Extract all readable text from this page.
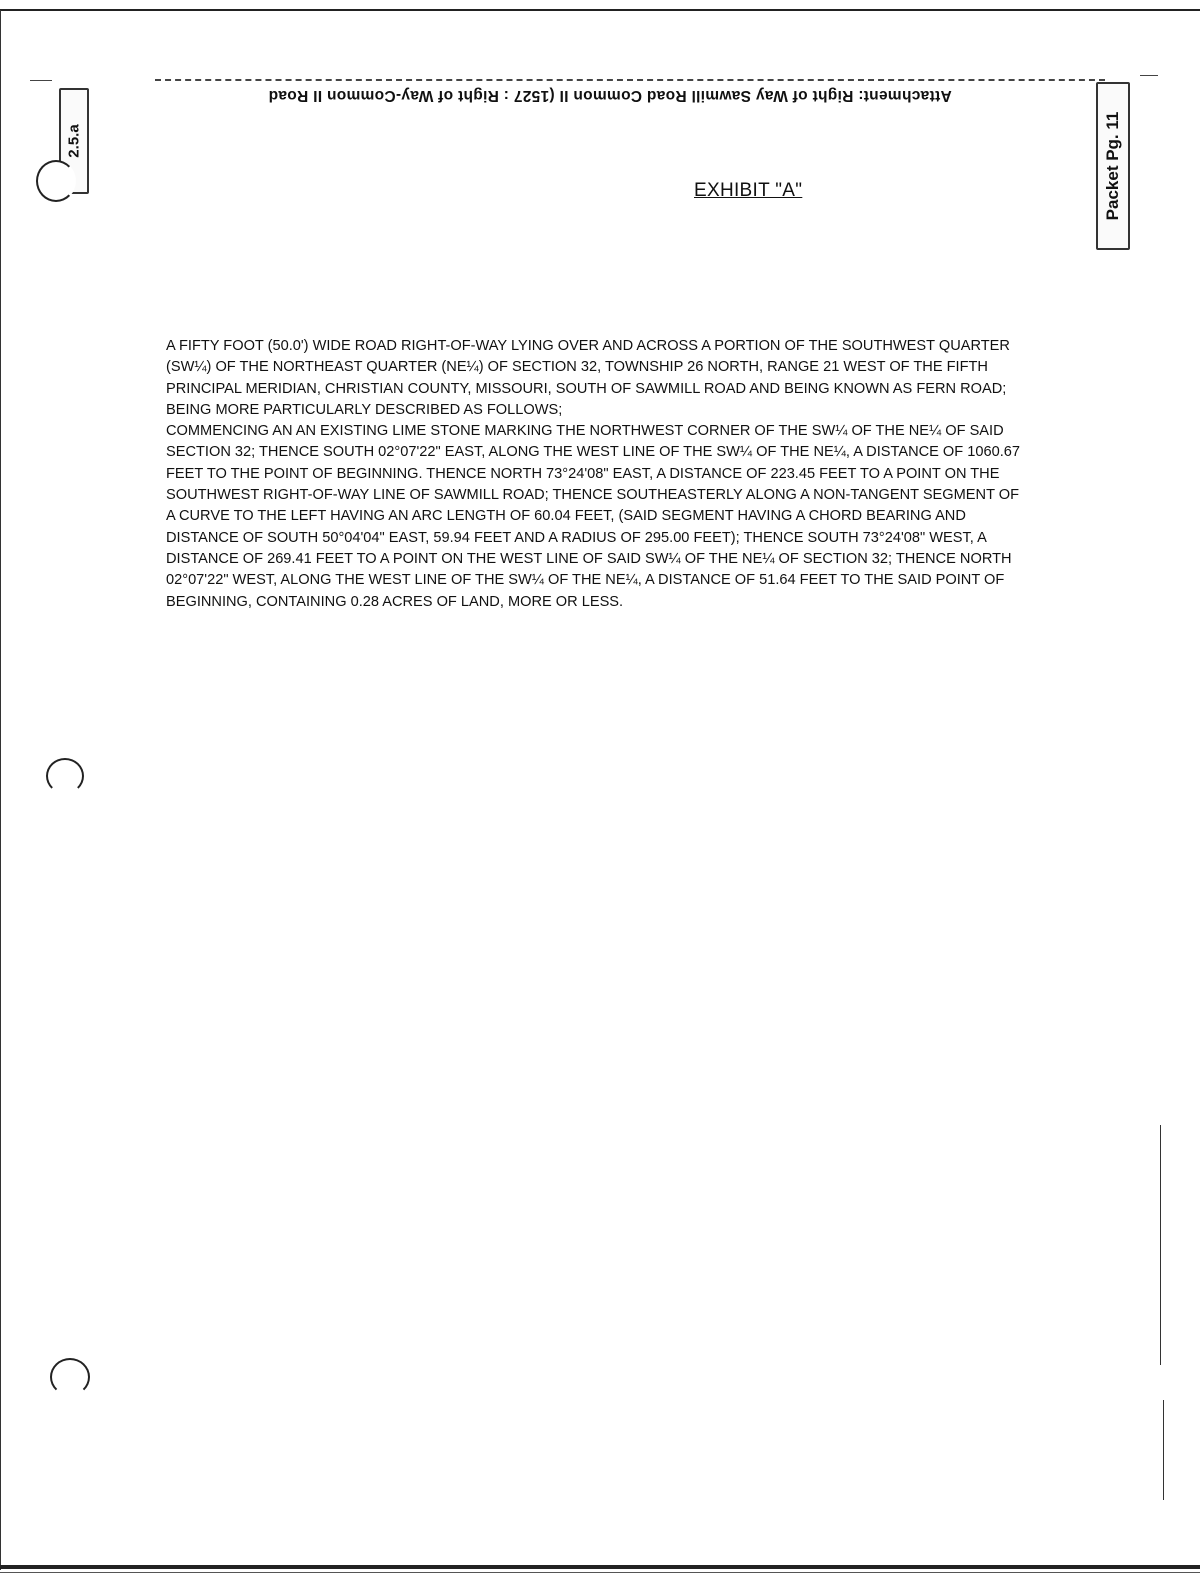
Attachment: Right of Way Sawmill Road Common II (1527 : Right of Way-Common II Road
2.5.a	Packet Pg. 11
EXHIBIT "A"

A FIFTY FOOT (50.0') WIDE ROAD RIGHT-OF-WAY LYING OVER AND ACROSS A PORTION OF THE SOUTHWEST QUARTER (SW¼) OF THE NORTHEAST QUARTER (NE¼) OF SECTION 32, TOWNSHIP 26 NORTH, RANGE 21 WEST OF THE FIFTH PRINCIPAL MERIDIAN, CHRISTIAN COUNTY, MISSOURI, SOUTH OF SAWMILL ROAD AND BEING KNOWN AS FERN ROAD; BEING MORE PARTICULARLY DESCRIBED AS FOLLOWS;

COMMENCING AN AN EXISTING LIME STONE MARKING THE NORTHWEST CORNER OF THE SW¼ OF THE NE¼ OF SAID SECTION 32; THENCE SOUTH 02°07'22" EAST, ALONG THE WEST LINE OF THE SW¼ OF THE NE¼, A DISTANCE OF 1060.67 FEET TO THE POINT OF BEGINNING. THENCE NORTH 73°24'08" EAST, A DISTANCE OF 223.45 FEET TO A POINT ON THE SOUTHWEST RIGHT-OF-WAY LINE OF SAWMILL ROAD; THENCE SOUTHEASTERLY ALONG A NON-TANGENT SEGMENT OF A CURVE TO THE LEFT HAVING AN ARC LENGTH OF 60.04 FEET, (SAID SEGMENT HAVING A CHORD BEARING AND DISTANCE OF SOUTH 50°04'04" EAST, 59.94 FEET AND A RADIUS OF 295.00 FEET); THENCE SOUTH 73°24'08" WEST, A DISTANCE OF 269.41 FEET TO A POINT ON THE WEST LINE OF SAID SW¼ OF THE NE¼ OF SECTION 32; THENCE NORTH 02°07'22" WEST, ALONG THE WEST LINE OF THE SW¼ OF THE NE¼, A DISTANCE OF 51.64 FEET TO THE SAID POINT OF BEGINNING, CONTAINING 0.28 ACRES OF LAND, MORE OR LESS.
